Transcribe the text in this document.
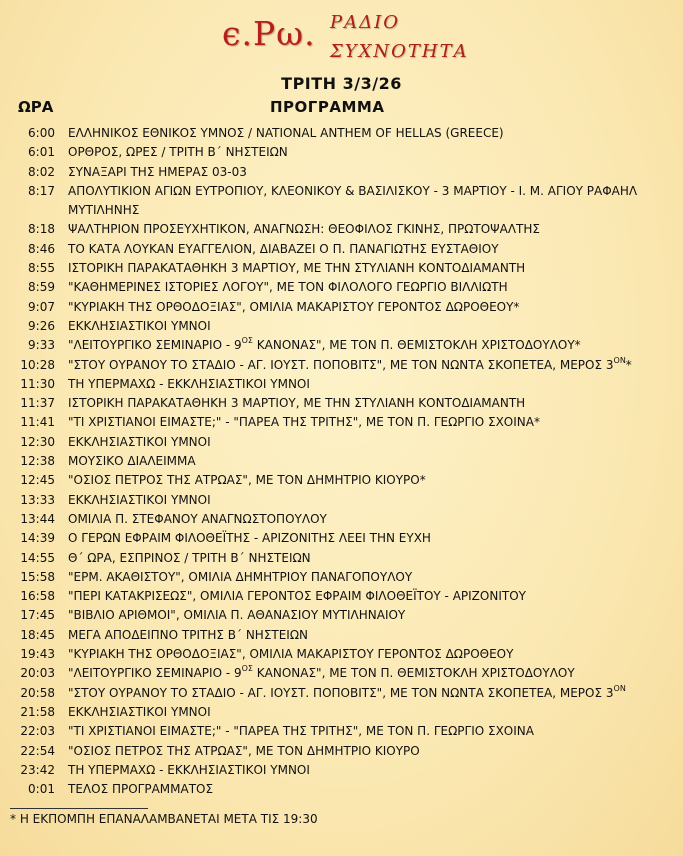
є.Ρω. ΡΑΔΙΟ
ΣΥΧΝΟΤΗΤΑ
ΤΡΙΤΗ 3/3/26
ΩΡΑ	ΠΡΟΓΡΑΜΜΑ
6:00 ΕΛΛΗΝΙΚΟΣ ΕΘΝΙΚΟΣ ΥΜΝΟΣ / NATIONAL ANTHEM OF HELLAS (GREECE)
6:01 ΟΡΘΡΟΣ, ΩΡΕΣ / ΤΡΙΤΗ Β΄ ΝΗΣΤΕΙΩΝ
8:02 ΣΥΝΑΞΑΡΙ ΤΗΣ ΗΜΕΡΑΣ 03-03
8:17 ΑΠΟΛΥΤΙΚΙΟΝ ΑΓΙΩΝ ΕΥΤΡΟΠΙΟΥ, ΚΛΕΟΝΙΚΟΥ & ΒΑΣΙΛΙΣΚΟΥ - 3 ΜΑΡΤΙΟΥ - Ι. Μ. ΑΓΙΟΥ ΡΑΦΑΗΛ ΜΥΤΙΛΗΝΗΣ
8:18 ΨΑΛΤΗΡΙΟΝ ΠΡΟΣΕΥΧΗΤΙΚΟΝ, ΑΝΑΓΝΩΣΗ: ΘΕΟΦΙΛΟΣ ΓΚΙΝΗΣ, ΠΡΩΤΟΨΑΛΤΗΣ
8:46 ΤΟ ΚΑΤΑ ΛΟΥΚΑΝ ΕΥΑΓΓΕΛΙΟΝ, ΔΙΑΒΑΖΕΙ Ο Π. ΠΑΝΑΓΙΩΤΗΣ ΕΥΣΤΑΘΙΟΥ
8:55 ΙΣΤΟΡΙΚΗ ΠΑΡΑΚΑΤΑΘΗΚΗ 3 ΜΑΡΤΙΟΥ, ΜΕ ΤΗΝ ΣΤΥΛΙΑΝΗ ΚΟΝΤΟΔΙΑΜΑΝΤΗ
8:59 "ΚΑΘΗΜΕΡΙΝΕΣ ΙΣΤΟΡΙΕΣ ΛΟΓΟΥ", ΜΕ ΤΟΝ ΦΙΛΟΛΟΓΟ ΓΕΩΡΓΙΟ ΒΙΛΛΙΩΤΗ
9:07 "ΚΥΡΙΑΚΗ ΤΗΣ ΟΡΘΟΔΟΞΙΑΣ", ΟΜΙΛΙΑ ΜΑΚΑΡΙΣΤΟΥ ΓΕΡΟΝΤΟΣ ΔΩΡΟΘΕΟΥ*
9:26 ΕΚΚΛΗΣΙΑΣΤΙΚΟΙ ΥΜΝΟΙ
9:33 "ΛΕΙΤΟΥΡΓΙΚΟ ΣΕΜΙΝΑΡΙΟ - $9^{O\Sigma}$ ΚΑΝΟΝΑΣ", ΜΕ ΤΟΝ Π. ΘΕΜΙΣΤΟΚΛΗ ΧΡΙΣΤΟΔΟΥΛΟΥ*
10:28 "ΣΤΟΥ ΟΥΡΑΝΟΥ ΤΟ ΣΤΑΔΙΟ - ΑΓ. ΙΟΥΣΤ. ΠΟΠΟΒΙΤΣ", ΜΕ ΤΟΝ ΝΩΝΤΑ ΣΚΟΠΕΤΕΑ, ΜΕΡΟΣ $3^{ON}*$
11:30 ΤΗ ΥΠΕΡΜΑΧΩ - ΕΚΚΛΗΣΙΑΣΤΙΚΟΙ ΥΜΝΟΙ
11:37 ΙΣΤΟΡΙΚΗ ΠΑΡΑΚΑΤΑΘΗΚΗ 3 ΜΑΡΤΙΟΥ, ΜΕ ΤΗΝ ΣΤΥΛΙΑΝΗ ΚΟΝΤΟΔΙΑΜΑΝΤΗ
11:41 "ΤΙ ΧΡΙΣΤΙΑΝΟΙ ΕΙΜΑΣΤΕ;" - "ΠΑΡΕΑ ΤΗΣ ΤΡΙΤΗΣ", ΜΕ ΤΟΝ Π. ΓΕΩΡΓΙΟ ΣΧΟΙΝΑ*
12:30 ΕΚΚΛΗΣΙΑΣΤΙΚΟΙ ΥΜΝΟΙ
12:38 ΜΟΥΣΙΚΟ ΔΙΑΛΕΙΜΜΑ
12:45 "ΟΣΙΟΣ ΠΕΤΡΟΣ ΤΗΣ ΑΤΡΩΑΣ", ΜΕ ΤΟΝ ΔΗΜΗΤΡΙΟ ΚΙΟΥΡΟ*
13:33 ΕΚΚΛΗΣΙΑΣΤΙΚΟΙ ΥΜΝΟΙ
13:44 ΟΜΙΛΙΑ Π. ΣΤΕΦΑΝΟΥ ΑΝΑΓΝΩΣΤΟΠΟΥΛΟΥ
14:39 Ο ΓΕΡΩΝ ΕΦΡΑΙΜ ΦΙΛΟΘΕΪΤΗΣ - ΑΡΙΖΟΝΙΤΗΣ ΛΕΕΙ ΤΗΝ ΕΥΧΗ
14:55 Θ΄ ΩΡΑ, ΕΣΠΡΙΝΟΣ / ΤΡΙΤΗ Β΄ ΝΗΣΤΕΙΩΝ
15:58 "ΕΡΜ. ΑΚΑΘΙΣΤΟΥ", ΟΜΙΛΙΑ ΔΗΜΗΤΡΙΟΥ ΠΑΝΑΓΟΠΟΥΛΟΥ
16:58 "ΠΕΡΙ ΚΑΤΑΚΡΙΣΕΩΣ", ΟΜΙΛΙΑ ΓΕΡΟΝΤΟΣ ΕΦΡΑΙΜ ΦΙΛΟΘΕΪΤΟΥ - ΑΡΙΖΟΝΙΤΟΥ
17:45 "ΒΙΒΛΙΟ ΑΡΙΘΜΟΙ", ΟΜΙΛΙΑ Π. ΑΘΑΝΑΣΙΟΥ ΜΥΤΙΛΗΝΑΙΟΥ
18:45 ΜΕΓΑ ΑΠΟΔΕΙΠΝΟ ΤΡΙΤΗΣ Β΄ ΝΗΣΤΕΙΩΝ
19:43 "ΚΥΡΙΑΚΗ ΤΗΣ ΟΡΘΟΔΟΞΙΑΣ", ΟΜΙΛΙΑ ΜΑΚΑΡΙΣΤΟΥ ΓΕΡΟΝΤΟΣ ΔΩΡΟΘΕΟΥ
20:03 "ΛΕΙΤΟΥΡΓΙΚΟ ΣΕΜΙΝΑΡΙΟ - $9^{O\Sigma}$ ΚΑΝΟΝΑΣ", ΜΕ ΤΟΝ Π. ΘΕΜΙΣΤΟΚΛΗ ΧΡΙΣΤΟΔΟΥΛΟΥ
20:58 "ΣΤΟΥ ΟΥΡΑΝΟΥ ΤΟ ΣΤΑΔΙΟ - ΑΓ. ΙΟΥΣΤ. ΠΟΠΟΒΙΤΣ", ΜΕ ΤΟΝ ΝΩΝΤΑ ΣΚΟΠΕΤΕΑ, ΜΕΡΟΣ $3^{ON}$
21:58 ΕΚΚΛΗΣΙΑΣΤΙΚΟΙ ΥΜΝΟΙ
22:03 "ΤΙ ΧΡΙΣΤΙΑΝΟΙ ΕΙΜΑΣΤΕ;" - "ΠΑΡΕΑ ΤΗΣ ΤΡΙΤΗΣ", ΜΕ ΤΟΝ Π. ΓΕΩΡΓΙΟ ΣΧΟΙΝΑ
22:54 "ΟΣΙΟΣ ΠΕΤΡΟΣ ΤΗΣ ΑΤΡΩΑΣ", ΜΕ ΤΟΝ ΔΗΜΗΤΡΙΟ ΚΙΟΥΡΟ
23:42 ΤΗ ΥΠΕΡΜΑΧΩ - ΕΚΚΛΗΣΙΑΣΤΙΚΟΙ ΥΜΝΟΙ
0:01 ΤΕΛΟΣ ΠΡΟΓΡΑΜΜΑΤΟΣ
* Η ΕΚΠΟΜΠΗ ΕΠΑΝΑΛΑΜΒΑΝΕΤΑΙ ΜΕΤΑ ΤΙΣ 19:30
